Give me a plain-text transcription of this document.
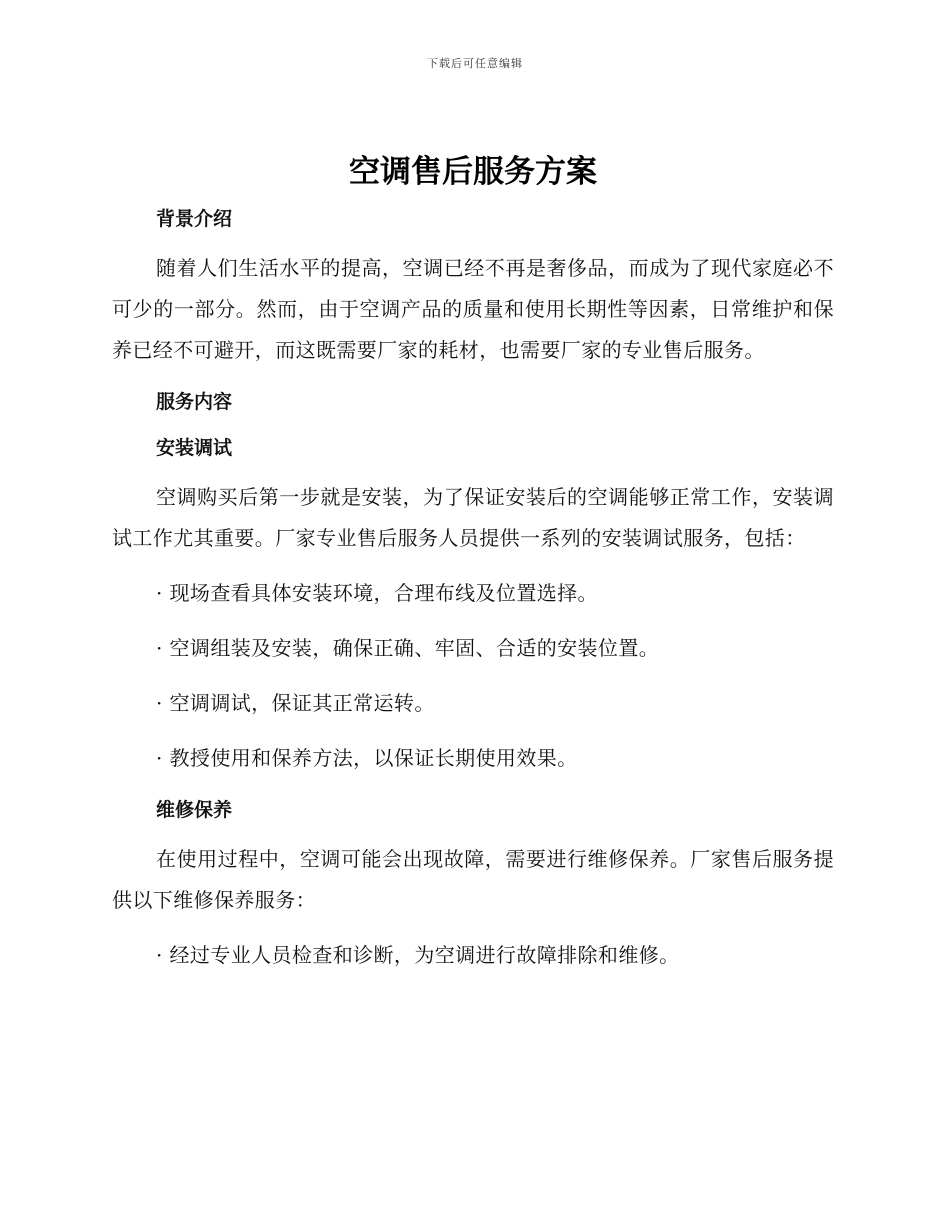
下载后可任意编辑
空调售后服务方案
背景介绍

随着人们生活水平的提高，空调已经不再是奢侈品，而成为了现代家庭必不可少的一部分。然而，由于空调产品的质量和使用长期性等因素，日常维护和保养已经不可避开，而这既需要厂家的耗材，也需要厂家的专业售后服务。

服务内容
安装调试

空调购买后第一步就是安装，为了保证安装后的空调能够正常工作，安装调试工作尤其重要。厂家专业售后服务人员提供一系列的安装调试服务，包括：

· 现场查看具体安装环境，合理布线及位置选择。

· 空调组装及安装，确保正确、牢固、合适的安装位置。

· 空调调试，保证其正常运转。

· 教授使用和保养方法，以保证长期使用效果。

维修保养

在使用过程中，空调可能会出现故障，需要进行维修保养。厂家售后服务提供以下维修保养服务：

· 经过专业人员检查和诊断，为空调进行故障排除和维修。
